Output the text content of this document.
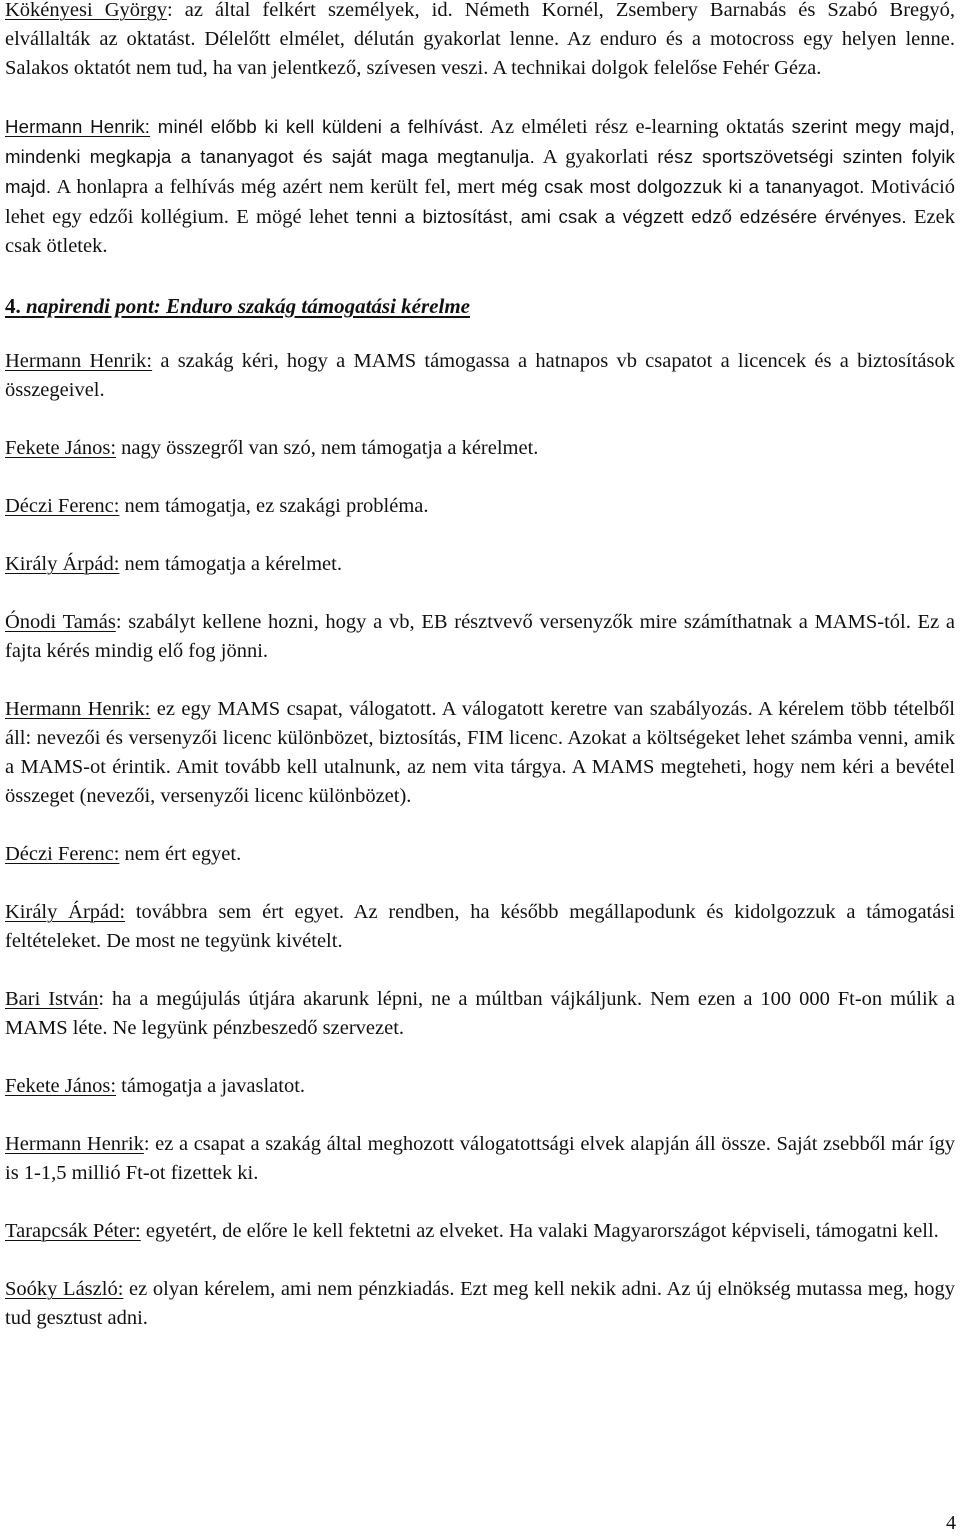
Kökényesi György: az által felkért személyek, id. Németh Kornél, Zsembery Barnabás és Szabó Bregyó, elvállalták az oktatást. Délelőtt elmélet, délután gyakorlat lenne. Az enduro és a motocross egy helyen lenne. Salakos oktatót nem tud, ha van jelentkező, szívesen veszi. A technikai dolgok felelőse Fehér Géza.

Hermann Henrik: minél előbb ki kell küldeni a felhívást. Az elméleti rész e-learning oktatás szerint megy majd, mindenki megkapja a tananyagot és saját maga megtanulja. A gyakorlati rész sportszövetségi szinten folyik majd. A honlapra a felhívás még azért nem került fel, mert még csak most dolgozzuk ki a tananyagot. Motiváció lehet egy edzői kollégium. E mögé lehet tenni a biztosítást, ami csak a végzett edző edzésére érvényes. Ezek csak ötletek.

4. napirendi pont: Enduro szakág támogatási kérelme

Hermann Henrik: a szakág kéri, hogy a MAMS támogassa a hatnapos vb csapatot a licencek és a biztosítások összegeivel.

Fekete János: nagy összegről van szó, nem támogatja a kérelmet.

Déczi Ferenc: nem támogatja, ez szakági probléma.

Király Árpád: nem támogatja a kérelmet.

Ónodi Tamás: szabályt kellene hozni, hogy a vb, EB résztvevő versenyzők mire számíthatnak a MAMS-tól. Ez a fajta kérés mindig elő fog jönni.

Hermann Henrik: ez egy MAMS csapat, válogatott. A válogatott keretre van szabályozás. A kérelem több tételből áll: nevezői és versenyzői licenc különbözet, biztosítás, FIM licenc. Azokat a költségeket lehet számba venni, amik a MAMS-ot érintik. Amit tovább kell utalnunk, az nem vita tárgya. A MAMS megteheti, hogy nem kéri a bevétel összeget (nevezői, versenyzői licenc különbözet).

Déczi Ferenc: nem ért egyet.

Király Árpád: továbbra sem ért egyet. Az rendben, ha később megállapodunk és kidolgozzuk a támogatási feltételeket. De most ne tegyünk kivételt.

Bari István: ha a megújulás útjára akarunk lépni, ne a múltban vájkáljunk. Nem ezen a 100 000 Ft-on múlik a MAMS léte. Ne legyünk pénzbeszedő szervezet.

Fekete János: támogatja a javaslatot.

Hermann Henrik: ez a csapat a szakág által meghozott válogatottsági elvek alapján áll össze. Saját zsebből már így is 1-1,5 millió Ft-ot fizettek ki.

Tarapcsák Péter: egyetért, de előre le kell fektetni az elveket. Ha valaki Magyarországot képviseli, támogatni kell.

Soóky László: ez olyan kérelem, ami nem pénzkiadás. Ezt meg kell nekik adni. Az új elnökség mutassa meg, hogy tud gesztust adni.

4
